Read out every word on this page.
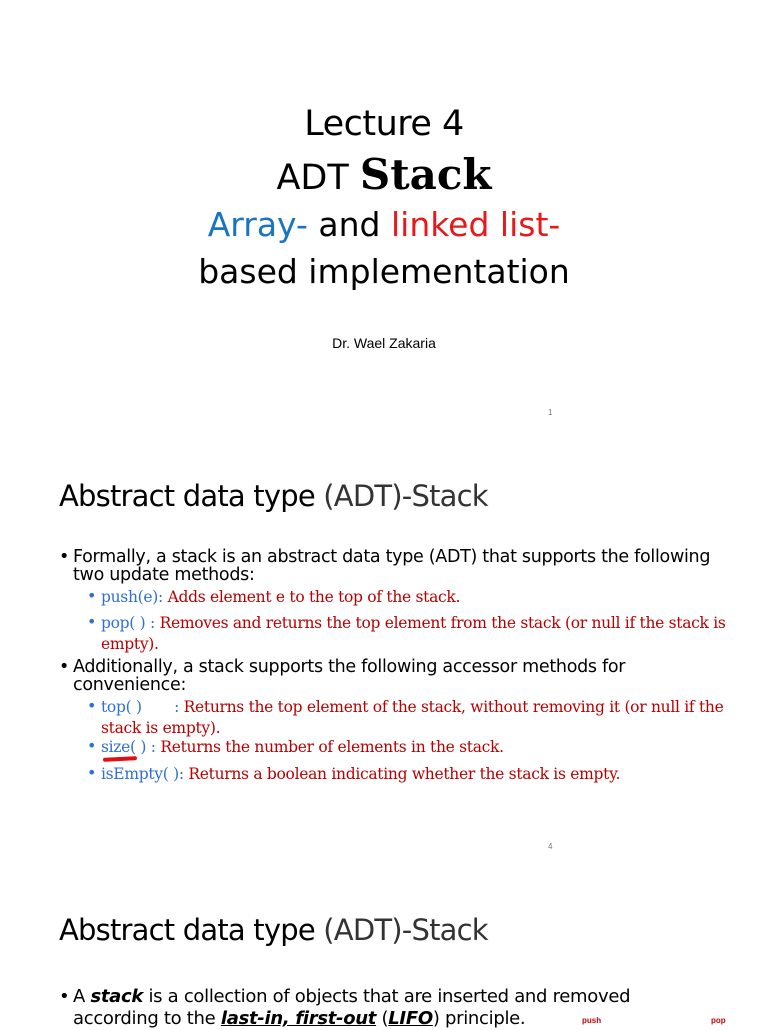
Lecture 4
ADT Stack
Array- and linked list-
based implementation
Dr. Wael Zakaria
1
Abstract data type (ADT)-Stack
• Formally, a stack is an abstract data type (ADT) that supports the following two update methods:
• push(e): Adds element e to the top of the stack.
• pop( ) : Removes and returns the top element from the stack (or null if the stack is empty).
• Additionally, a stack supports the following accessor methods for convenience:
• top( )       : Returns the top element of the stack, without removing it (or null if the stack is empty).
• size( ) : Returns the number of elements in the stack.
• isEmpty( ): Returns a boolean indicating whether the stack is empty.
4
Abstract data type (ADT)-Stack
• A stack is a collection of objects that are inserted and removed
according to the last-in, first-out (LIFO) principle.	push	pop
